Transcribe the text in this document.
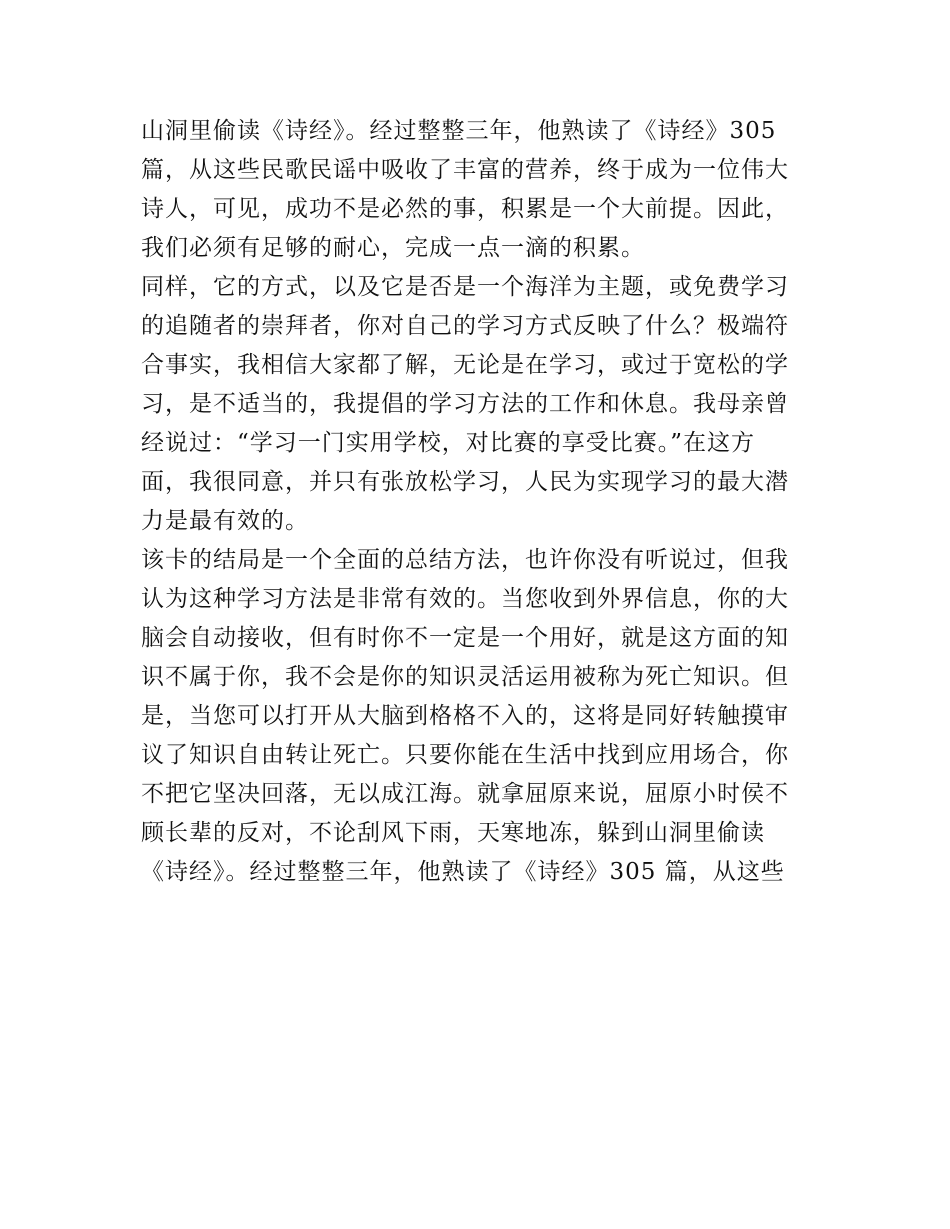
山洞里偷读《诗经》。经过整整三年，他熟读了《诗经》305
篇，从这些民歌民谣中吸收了丰富的营养，终于成为一位伟大
诗人，可见，成功不是必然的事，积累是一个大前提。因此，
我们必须有足够的耐心，完成一点一滴的积累。
同样，它的方式，以及它是否是一个海洋为主题，或免费学习
的追随者的崇拜者，你对自己的学习方式反映了什么？极端符
合事实，我相信大家都了解，无论是在学习，或过于宽松的学
习，是不适当的，我提倡的学习方法的工作和休息。我母亲曾
经说过：“学习一门实用学校，对比赛的享受比赛。”在这方
面，我很同意，并只有张放松学习，人民为实现学习的最大潜
力是最有效的。
该卡的结局是一个全面的总结方法，也许你没有听说过，但我
认为这种学习方法是非常有效的。当您收到外界信息，你的大
脑会自动接收，但有时你不一定是一个用好，就是这方面的知
识不属于你，我不会是你的知识灵活运用被称为死亡知识。但
是，当您可以打开从大脑到格格不入的，这将是同好转触摸审
议了知识自由转让死亡。只要你能在生活中找到应用场合，你
不把它坚决回落，无以成江海。就拿屈原来说，屈原小时侯不
顾长辈的反对，不论刮风下雨，天寒地冻，躲到山洞里偷读
《诗经》。经过整整三年，他熟读了《诗经》305 篇，从这些
